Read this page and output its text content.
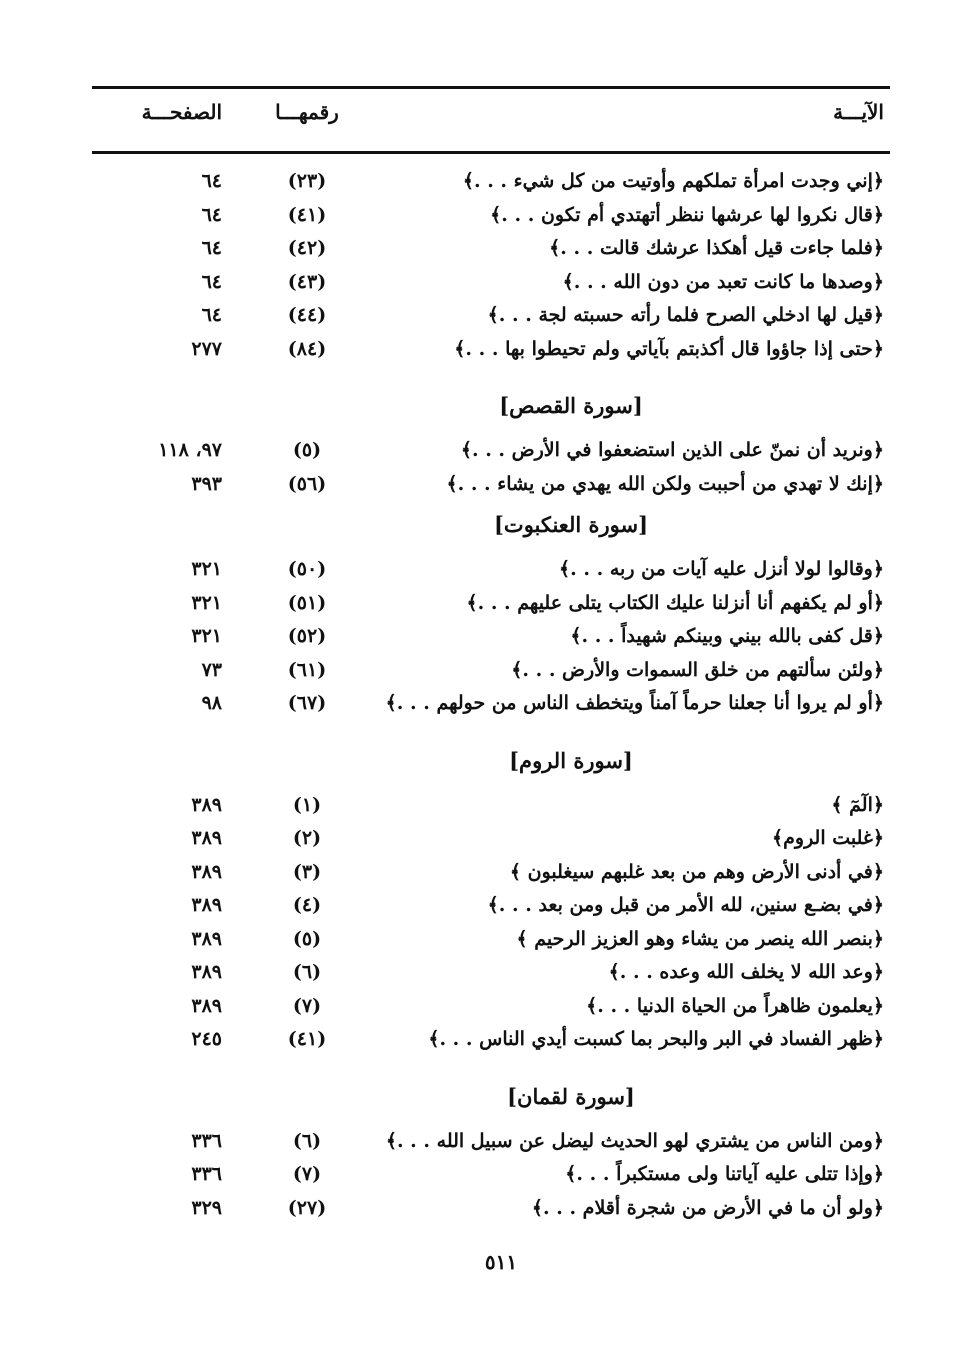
الآيـــة
رقمهـــا
الصفحـــة
﴿إني وجدت امرأة تملكهم وأوتيت من كل شيء . . .﴾
(٢٣)
٦٤
﴿قال نكروا لها عرشها ننظر أتهتدي أم تكون . . .﴾
(٤١)
٦٤
﴿فلما جاءت قيل أهكذا عرشك قالت . . .﴾
(٤٢)
٦٤
﴿وصدها ما كانت تعبد من دون الله . . .﴾
(٤٣)
٦٤
﴿قيل لها ادخلي الصرح فلما رأته حسبته لجة . . .﴾
(٤٤)
٦٤
﴿حتى إذا جاؤوا قال أكذبتم بآياتي ولم تحيطوا بها . . .﴾
(٨٤)
٢٧٧
[سورة القصص]
﴿ونريد أن نمنّ على الذين استضعفوا في الأرض . . .﴾
(٥)
٩٧، ١١٨
﴿إنك لا تهدي من أحببت ولكن الله يهدي من يشاء . . .﴾
(٥٦)
٣٩٣
[سورة العنكبوت]
﴿وقالوا لولا أنزل عليه آيات من ربه . . .﴾
(٥٠)
٣٢١
﴿أو لم يكفهم أنا أنزلنا عليك الكتاب يتلى عليهم . . .﴾
(٥١)
٣٢١
﴿قل كفى بالله بيني وبينكم شهيداً . . .﴾
(٥٢)
٣٢١
﴿ولئن سألتهم من خلق السموات والأرض . . .﴾
(٦١)
٧٣
﴿أو لم يروا أنا جعلنا حرماً آمناً ويتخطف الناس من حولهم . . .﴾
(٦٧)
٩٨
[سورة الروم]
﴿الٓمٓ ﴾
(١)
٣٨٩
﴿غلبت الروم﴾
(٢)
٣٨٩
﴿في أدنى الأرض وهم من بعد غلبهم سيغلبون ﴾
(٣)
٣٨٩
﴿في بضـع سنين، لله الأمر من قبل ومن بعد . . .﴾
(٤)
٣٨٩
﴿بنصر الله ينصر من يشاء وهو العزيز الرحيم ﴾
(٥)
٣٨٩
﴿وعد الله لا يخلف الله وعده . . .﴾
(٦)
٣٨٩
﴿يعلمون ظاهراً من الحياة الدنيا . . .﴾
(٧)
٣٨٩
﴿ظهر الفساد في البر والبحر بما كسبت أيدي الناس . . .﴾
(٤١)
٢٤٥
[سورة لقمان]
﴿ومن الناس من يشتري لهو الحديث ليضل عن سبيل الله . . .﴾
(٦)
٣٣٦
﴿وإذا تتلى عليه آياتنا ولى مستكبراً . . .﴾
(٧)
٣٣٦
﴿ولو أن ما في الأرض من شجرة أقلام . . .﴾
(٢٧)
٣٢٩
٥١١
